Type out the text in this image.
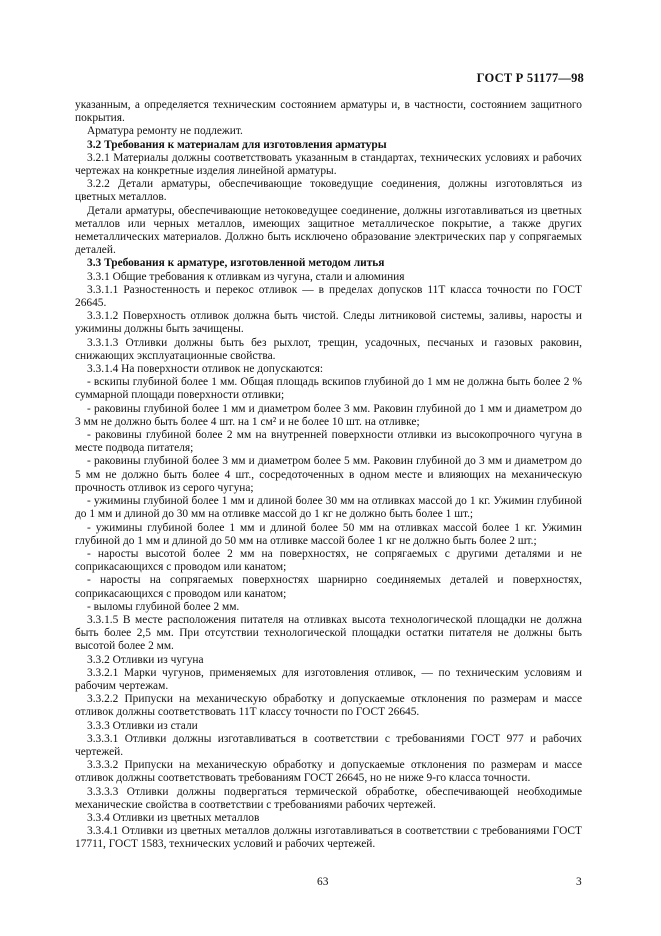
ГОСТ Р 51177—98

указанным, а определяется техническим состоянием арматуры и, в частности, состоянием защитного покрытия.

Арматура ремонту не подлежит.

3.2 Требования к материалам для изготовления арматуры

3.2.1 Материалы должны соответствовать указанным в стандартах, технических условиях и рабочих чертежах на конкретные изделия линейной арматуры.

3.2.2 Детали арматуры, обеспечивающие токоведущие соединения, должны изготовляться из цветных металлов.

Детали арматуры, обеспечивающие нетоковедущее соединение, должны изготавливаться из цветных металлов или черных металлов, имеющих защитное металлическое покрытие, а также других неметаллических материалов. Должно быть исключено образование электрических пар у сопрягаемых деталей.

3.3 Требования к арматуре, изготовленной методом литья

3.3.1 Общие требования к отливкам из чугуна, стали и алюминия

3.3.1.1 Разностенность и перекос отливок — в пределах допусков 11Т класса точности по ГОСТ 26645.

3.3.1.2 Поверхность отливок должна быть чистой. Следы литниковой системы, заливы, наросты и ужимины должны быть зачищены.

3.3.1.3 Отливки должны быть без рыхлот, трещин, усадочных, песчаных и газовых раковин, снижающих эксплуатационные свойства.

3.3.1.4 На поверхности отливок не допускаются:

- вскипы глубиной более 1 мм. Общая площадь вскипов глубиной до 1 мм не должна быть более 2 % суммарной площади поверхности отливки;

- раковины глубиной более 1 мм и диаметром более 3 мм. Раковин глубиной до 1 мм и диаметром до 3 мм не должно быть более 4 шт. на 1 см² и не более 10 шт. на отливке;

- раковины глубиной более 2 мм на внутренней поверхности отливки из высокопрочного чугуна в месте подвода питателя;

- раковины глубиной более 3 мм и диаметром более 5 мм. Раковин глубиной до 3 мм и диаметром до 5 мм не должно быть более 4 шт., сосредоточенных в одном месте и влияющих на механическую прочность отливок из серого чугуна;

- ужимины глубиной более 1 мм и длиной более 30 мм на отливках массой до 1 кг. Ужимин глубиной до 1 мм и длиной до 30 мм на отливке массой до 1 кг не должно быть более 1 шт.;

- ужимины глубиной более 1 мм и длиной более 50 мм на отливках массой более 1 кг. Ужимин глубиной до 1 мм и длиной до 50 мм на отливке массой более 1 кг не должно быть более 2 шт.;

- наросты высотой более 2 мм на поверхностях, не сопрягаемых с другими деталями и не соприкасающихся с проводом или канатом;

- наросты на сопрягаемых поверхностях шарнирно соединяемых деталей и поверхностях, соприкасающихся с проводом или канатом;

- выломы глубиной более 2 мм.

3.3.1.5 В месте расположения питателя на отливках высота технологической площадки не должна быть более 2,5 мм. При отсутствии технологической площадки остатки питателя не должны быть высотой более 2 мм.

3.3.2 Отливки из чугуна

3.3.2.1 Марки чугунов, применяемых для изготовления отливок, — по техническим условиям и рабочим чертежам.

3.3.2.2 Припуски на механическую обработку и допускаемые отклонения по размерам и массе отливок должны соответствовать 11Т классу точности по ГОСТ 26645.

3.3.3 Отливки из стали

3.3.3.1 Отливки должны изготавливаться в соответствии с требованиями ГОСТ 977 и рабочих чертежей.

3.3.3.2 Припуски на механическую обработку и допускаемые отклонения по размерам и массе отливок должны соответствовать требованиям ГОСТ 26645, но не ниже 9-го класса точности.

3.3.3.3 Отливки должны подвергаться термической обработке, обеспечивающей необходимые механические свойства в соответствии с требованиями рабочих чертежей.

3.3.4 Отливки из цветных металлов

3.3.4.1 Отливки из цветных металлов должны изготавливаться в соответствии с требованиями ГОСТ 17711, ГОСТ 1583, технических условий и рабочих чертежей.

63	3
